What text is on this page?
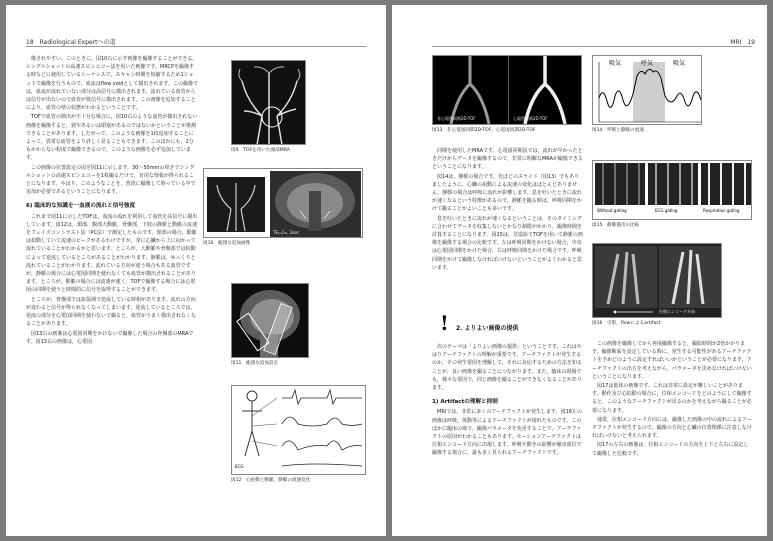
18　Radiological Expertへの道

像されやすい。このときに，図10右に示す画像を撮像することができる。シングルショットの高速スピンエコー法を用いた画像です。MRCPを撮像する時などに使用しているシーケンスで，スキャン時間を短縮するため1ショットで撮像を行うもので，血流はflow voidとして描出されます。この撮像では，血流が流れていない部分は高信号に描出されます。流れている血管からは信号が出ないので血管が低信号に描出されます。この画像を追加することにより，血管の壁の状態がわかるということです。

TOFで血管の描出が不十分な場合に，図10右のような血管が描出されない画像を撮像すると，狭窄あるいは閉塞があるのではないかということが推測できることがあります。したがって，このような画像を1枚追加することによって，異常な血管をより詳しく見ることもできます。このほかにも，1分もかからない程度で撮像できるので，このような画像を必ず追加しています。

この画像の位置設定の図を図11に示します。30〜50mmの厚さでシングルショットの高速スピンエコーを1枚撮るだけで，有用な情報が得られることになります。やはり，このようなことを，普段に撮像して時っている中で追加が必要であるということになります。

6) 臨床的な知識を一血液の流れと信号強度

これまで図11に示したTOFは，血流の流れを利用して血管を高信号に描出しています。図12は，頸部，腹部大動脈，骨盤部，下肢の静脈と動脈の流速をフェイズコントラスト法（PC法）で測定したものです。頸部の場合，動脈は拍動していて流速のピークがあるわけですが，常に心臓から上に向かって流れていることがわかるかと思います。ところが，大動脈や骨盤部では拍動によって逆流しているところがあることがわかります。静脈は，ゆっくりと流れていることがわかります。流れている方向が違う場合もある血管ですが，静脈の場合には心電図同期を使わなくても血管が描出されることがあります。ところが，動脈の場合には流速が速く，TOFで撮像する場合には心電図の同期を使うと時間的に信号を取得することができます。

ところが，骨盤部では拡張期で逆流している時相があります。流れの方向が変わると信号が得られなくなってしまいます。逆流しているところでは，逆流の部分を心電図同期を使わないで撮ると，血管がうまく描出されなくなることがあります。

図13右の画像は心電図同期をかけないで撮像した場合の骨盤部のMRAです。図13右の画像は，心電図

図9　TOFを用いた頭部MRA
TE=2∞, 3sec
図10　総頸な追加画像
図11　総頸な追加設定
ECG
図12　心拍動と動脈，静脈の流速変化
MRI　19
非心電図同期2D-TOF	心電図同期2D-TOF
図13　非心電図同期2D-TOF，心電図同期2D-TOF
吸気	呼気	吸気
図14　呼吸と静脈の流速
Without gating	ECG gating	Respiration gating
図15　静脈描出の比較
位相エンコード方向
図16　引影，flowによるartifact

同期を使用したMRAです。心電図同期法では，流れが早かったときだけからデータを撮像するので，非常に明瞭なMRAが撮像できるということになります。

図14は，静脈の場合です。先ほどのスライド（図13）でもありましたように，心臓の拍動による流速の変化はほとんどありません。静脈の場合は呼吸に流れが影響します。息を吐いたときに流れが速くなるという特徴があるので，静脈を撮る時は，呼吸同期をかけて撮ることがよいことも多いです。

息を吐いたときに流れが速くなるということは，そのタイミングに合わせてデータを収集しないとかなり制限がかかり，撮像時間を計算することになります。図15は，非造影でTOFを用いて静脈の画像を撮像する場合の比較です。左は呼吸同期をかけない場合，中央は心電図同期をかけた場合，右は呼吸同期をかけた場合です。呼吸同期をかけて撮像しなければいけないということがよくわかると思います。

! 2. よりよい画像の提供

次のテーマは「よりよい画像の提供」ということです。これはやはりアーチファクトの理解が重要です。アーチファクトが発生するのか，その発生要因を理解して，それに対応するための方法を知ることが，良い画像を撮ることにつながります。また，臨床の現場でも，様々な要因で，同じ画像を撮ることができなくなることがあります。

1) Artifactの理解と抑制

MRIでは，非常に多くのアーチファクトが発生します。図16左の画像は呼吸，体動等によるアーチファクトが現れたものです。このほかに臨床の場で，撮像パラメータを変更することで，アーチファクトの原因がわかることもあります。モーションアーチファクトは位相エンコード方向に出現します。呼吸や動きの影響が頻出部位で撮像する場合に，最も多く見られるアーチファクトです。

この画像を撮像してから再度撮像すると，撮影時間が2倍かかります。撮像断面を設定している時に，発生する可能性があるアーチファクトを予めどのように設定すればいいかということが必要になります。アーチファクトの出方を考えながら，パラメータを決めなければいけないということになります。

図17は低体の画像です。これは非常に設定が難しいことがあります。動作及び心拍動の場合に，位相エンコードをどのようにして撮像すると，このようなアーチファクトが出るのかを考えながら撮ることが必要になります。

通常，位相エンコード方向には，撮像した画像の中の流れによるアーチファクトが発生するので，撮像の方向と心臓の位置関係に注意しなければいけないと考えられます。

図17の左右の画像は，位相エンコードの方向を上下と左右に設定して撮像した比較です。
